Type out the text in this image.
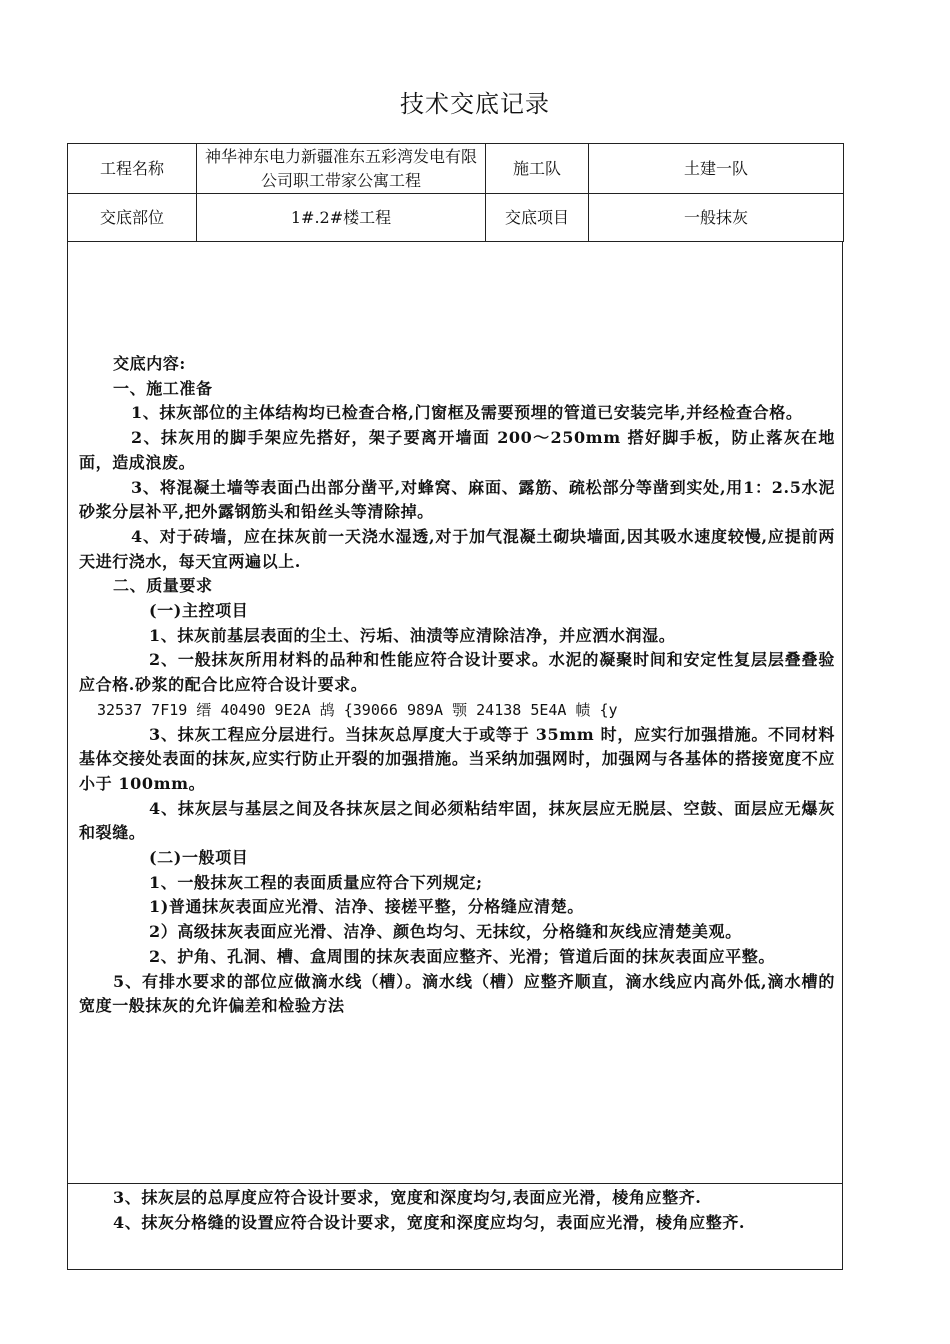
技术交底记录
工程名称	神华神东电力新疆准东五彩湾发电有限公司职工带家公寓工程	施工队	土建一队
交底部位	1#.2#楼工程	交底项目	一般抹灰

交底内容:

一、施工准备

1、抹灰部位的主体结构均已检查合格,门窗框及需要预埋的管道已安装完毕,并经检查合格。

2、抹灰用的脚手架应先搭好，架子要离开墙面 200～250mm 搭好脚手板，防止落灰在地面，造成浪废。

3、将混凝土墙等表面凸出部分凿平,对蜂窝、麻面、露筋、疏松部分等凿到实处,用1：2.5水泥砂浆分层补平,把外露钢筋头和铅丝头等清除掉。

4、对于砖墙，应在抹灰前一天浇水湿透,对于加气混凝土砌块墙面,因其吸水速度较慢,应提前两天进行浇水，每天宜两遍以上.

二、质量要求

(一)主控项目

1、抹灰前基层表面的尘土、污垢、油渍等应清除洁净，并应洒水润湿。

2、一般抹灰所用材料的品种和性能应符合设计要求。水泥的凝聚时间和安定性复层层叠叠验应合格.砂浆的配合比应符合设计要求。

32537 7F19 缙 40490 9E2A 鸪 {39066 989A 颚 24138 5E4A 帻 {y

3、抹灰工程应分层进行。当抹灰总厚度大于或等于 35mm 时，应实行加强措施。不同材料基体交接处表面的抹灰,应实行防止开裂的加强措施。当采纳加强网时，加强网与各基体的搭接宽度不应小于 100mm。

4、抹灰层与基层之间及各抹灰层之间必须粘结牢固，抹灰层应无脱层、空鼓、面层应无爆灰和裂缝。

(二)一般项目

1、一般抹灰工程的表面质量应符合下列规定;

1)普通抹灰表面应光滑、洁净、接槎平整，分格缝应清楚。

2）高级抹灰表面应光滑、洁净、颜色均匀、无抹纹，分格缝和灰线应清楚美观。

2、护角、孔洞、槽、盒周围的抹灰表面应整齐、光滑；管道后面的抹灰表面应平整。

5、有排水要求的部位应做滴水线（槽）。滴水线（槽）应整齐顺直，滴水线应内高外低,滴水槽的宽度一般抹灰的允许偏差和检验方法

3、抹灰层的总厚度应符合设计要求，宽度和深度均匀,表面应光滑，棱角应整齐.

4、抹灰分格缝的设置应符合设计要求，宽度和深度应均匀，表面应光滑，棱角应整齐.
